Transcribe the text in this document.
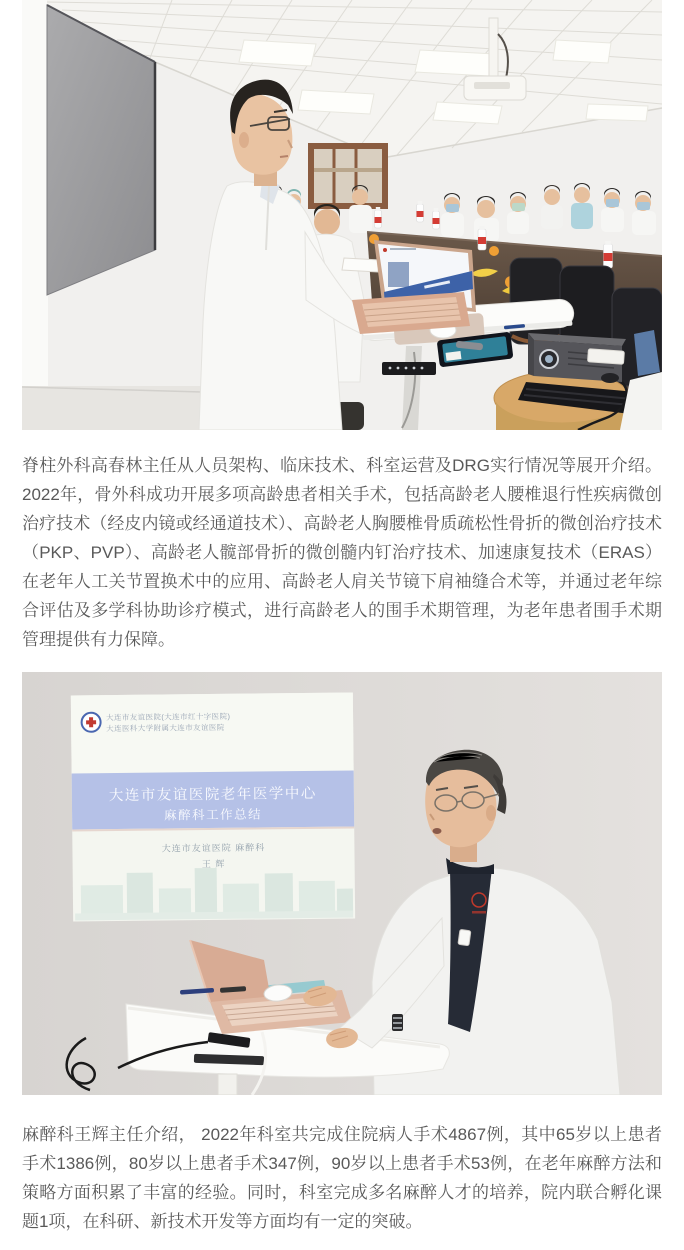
脊柱外科高春林主任从人员架构、临床技术、科室运营及DRG实行情况等展开介绍。2022年，骨外科成功开展多项高龄患者相关手术，包括高龄老人腰椎退行性疾病微创治疗技术（经皮内镜或经通道技术）、高龄老人胸腰椎骨质疏松性骨折的微创治疗技术（PKP、PVP）、高龄老人髋部骨折的微创髓内钉治疗技术、加速康复技术（ERAS）在老年人工关节置换术中的应用、高龄老人肩关节镜下肩袖缝合术等，并通过老年综合评估及多学科协助诊疗模式，进行高龄老人的围手术期管理，为老年患者围手术期管理提供有力保障。

大连市友谊医院(大连市红十字医院)
大连医科大学附属大连市友谊医院
大连市友谊医院老年医学中心
麻醉科工作总结
大连市友谊医院 麻醉科
王 辉

麻醉科王辉主任介绍， 2022年科室共完成住院病人手术4867例，其中65岁以上患者手术1386例，80岁以上患者手术347例，90岁以上患者手术53例，在老年麻醉方法和策略方面积累了丰富的经验。同时，科室完成多名麻醉人才的培养，院内联合孵化课题1项，在科研、新技术开发等方面均有一定的突破。
